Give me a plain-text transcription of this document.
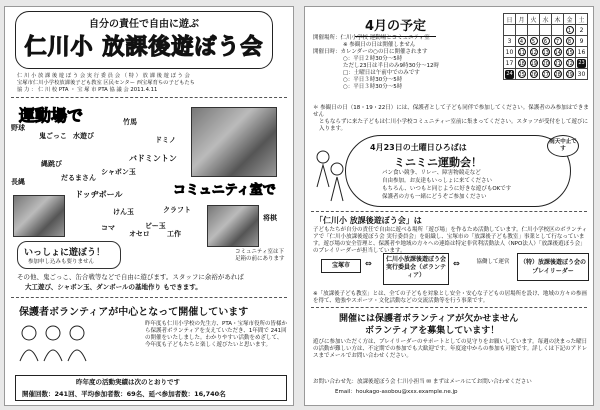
自分の責任で自由に遊ぶ
仁川小 放課後遊ぼう会
仁 川 小 放 課 後 遊 ぼ う 会 実 行 委 員 会 （ 特 ） 放 課 後 遊 ぼ う 会
宝塚市仁川小学校放課後子ども教室 区民センター 西宝塚育ちの子どもたち
協 力 ： 仁 川 校 PTA ・ 宝 塚 市 PTA 協 議 会 2011.4.11
運動場で
野球
鬼ごっこ 水遊び
長縄
縄跳び
だるまさん
ドッヂボール
竹馬
ドミノ
バドミントン
シャボン玉
けん玉	クラフト
コマ
オセロ
ビー玉
工作
将棋
コミュニティ室で
いっしょに遊ぼう！
参加申し込みも要りません
コミュニティ室は下足箱の前にあります
その他、鬼ごっこ、缶合戦等などで自由に遊びます。スタッフに余裕があれば
大工遊び、シャボン玉、ダンボールの基地作り もできます。
保護者ボランティアが中心となって開催しています
昨年度も仁川小学校の先生方、PTA・宝塚市役所の皆様から保護者ボランティアを支えていただき、1年間で 241回 の開催をいたしました。わかりやすい活動をめざして、今年度も子どもたちと楽しく遊びたいと思います。
昨年度の活動実績は次のとおりです
開催回数：241回、平均参加者数：69名、延べ参加者数：16,740名
4月の予定
開催場所：仁川小学校 運動場とコミュニティ室
※ 参観日の日は開催しません
開催日時：カレンダーの○の日に開催されます
○：平日２時30分～5時
ただし23日は半日のみ9時30分～12時
□：土曜日は午前中でのみです
○：平日３時30分～5時
○：平日３時30分～5時
日	月	火	水	木	金	土
					1	2
3	4	5	6	7	8	9
10	11	12	13	14	15	16
17	18	19	20	21	22	23
24	25	26	27	28	29	30
＊ 参観日の日（18・19・22日）には、保護者として子ども同伴で参加してください。保護者のみ参加はできません
ともならずに来た子どもは仁川小学校コミュニティー室前に集まってください。スタッフが受付をして遊びに入ります。
4月23日の土曜日ひろばは
ミニミニ運動会！
パン食い競争、リレー、障害物競走など
自由参加。お友達もいっしょに来てください
もちろん、いつもと同じように好きな遊びもOKです
保護者の方も一緒にどうぞご参加ください
雨天中止です
「仁川小 放課後遊ぼう会」は
子どもたちが自分の責任で自由に遊べる場所「遊び場」を作るため活動しています。仁川小学校区のボランティアで「仁川小放課後遊ぼう会 実行委員会」を組織し、宝塚市の「放課後子ども教室」事業として行なっています。遊び場の安全管理と、保護者や地域の方々への連絡は特定非営利活動法人（NPO法人）「放課後遊ぼう会」のプレイリーダーが担当しています。
宝塚市	⇔	仁川小放課後遊ぼう会実行委員会（ボランティア）
⇔	協働して運営	（特）放課後遊ぼう会のプレイリーダー
※「放課後子ども教室」とは、全ての子どもを対象とし安全・安心な子どもの居場所を設け、地域の方々の参画を得て、勉強やスポーツ・文化活動などの交流活動等を行う事業です。
開催には保護者ボランティアが欠かせません
ボランティアを募集しています！
遊びに参加いただく方は、プレイリーダーのサポートとしての見守りをお願いしています。毎週の決まった曜日の活動が難しい方は、不定期での参加でも大歓迎です。年度途中からの参加も可能です。詳しくは下記のアドレスまでメールでお問い合わせください。
お問い合わせ先：放課後遊ぼう会 仁川小担当 ✉ まずはメールにてお問い合わせください
Email：houkago-asobou@xxx.example.ne.jp
